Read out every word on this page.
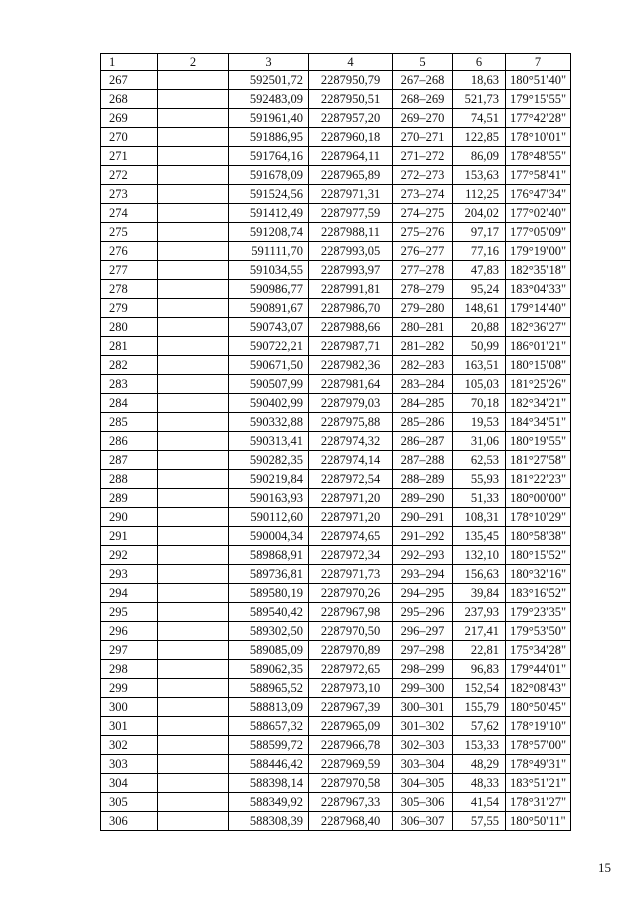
1	2	3	4	5	6	7
267		592501,72	2287950,79	267–268	18,63	180°51'40"
268		592483,09	2287950,51	268–269	521,73	179°15'55"
269		591961,40	2287957,20	269–270	74,51	177°42'28"
270		591886,95	2287960,18	270–271	122,85	178°10'01"
271		591764,16	2287964,11	271–272	86,09	178°48'55"
272		591678,09	2287965,89	272–273	153,63	177°58'41"
273		591524,56	2287971,31	273–274	112,25	176°47'34"
274		591412,49	2287977,59	274–275	204,02	177°02'40"
275		591208,74	2287988,11	275–276	97,17	177°05'09"
276		591111,70	2287993,05	276–277	77,16	179°19'00"
277		591034,55	2287993,97	277–278	47,83	182°35'18"
278		590986,77	2287991,81	278–279	95,24	183°04'33"
279		590891,67	2287986,70	279–280	148,61	179°14'40"
280		590743,07	2287988,66	280–281	20,88	182°36'27"
281		590722,21	2287987,71	281–282	50,99	186°01'21"
282		590671,50	2287982,36	282–283	163,51	180°15'08"
283		590507,99	2287981,64	283–284	105,03	181°25'26"
284		590402,99	2287979,03	284–285	70,18	182°34'21"
285		590332,88	2287975,88	285–286	19,53	184°34'51"
286		590313,41	2287974,32	286–287	31,06	180°19'55"
287		590282,35	2287974,14	287–288	62,53	181°27'58"
288		590219,84	2287972,54	288–289	55,93	181°22'23"
289		590163,93	2287971,20	289–290	51,33	180°00'00"
290		590112,60	2287971,20	290–291	108,31	178°10'29"
291		590004,34	2287974,65	291–292	135,45	180°58'38"
292		589868,91	2287972,34	292–293	132,10	180°15'52"
293		589736,81	2287971,73	293–294	156,63	180°32'16"
294		589580,19	2287970,26	294–295	39,84	183°16'52"
295		589540,42	2287967,98	295–296	237,93	179°23'35"
296		589302,50	2287970,50	296–297	217,41	179°53'50"
297		589085,09	2287970,89	297–298	22,81	175°34'28"
298		589062,35	2287972,65	298–299	96,83	179°44'01"
299		588965,52	2287973,10	299–300	152,54	182°08'43"
300		588813,09	2287967,39	300–301	155,79	180°50'45"
301		588657,32	2287965,09	301–302	57,62	178°19'10"
302		588599,72	2287966,78	302–303	153,33	178°57'00"
303		588446,42	2287969,59	303–304	48,29	178°49'31"
304		588398,14	2287970,58	304–305	48,33	183°51'21"
305		588349,92	2287967,33	305–306	41,54	178°31'27"
306		588308,39	2287968,40	306–307	57,55	180°50'11"
15
